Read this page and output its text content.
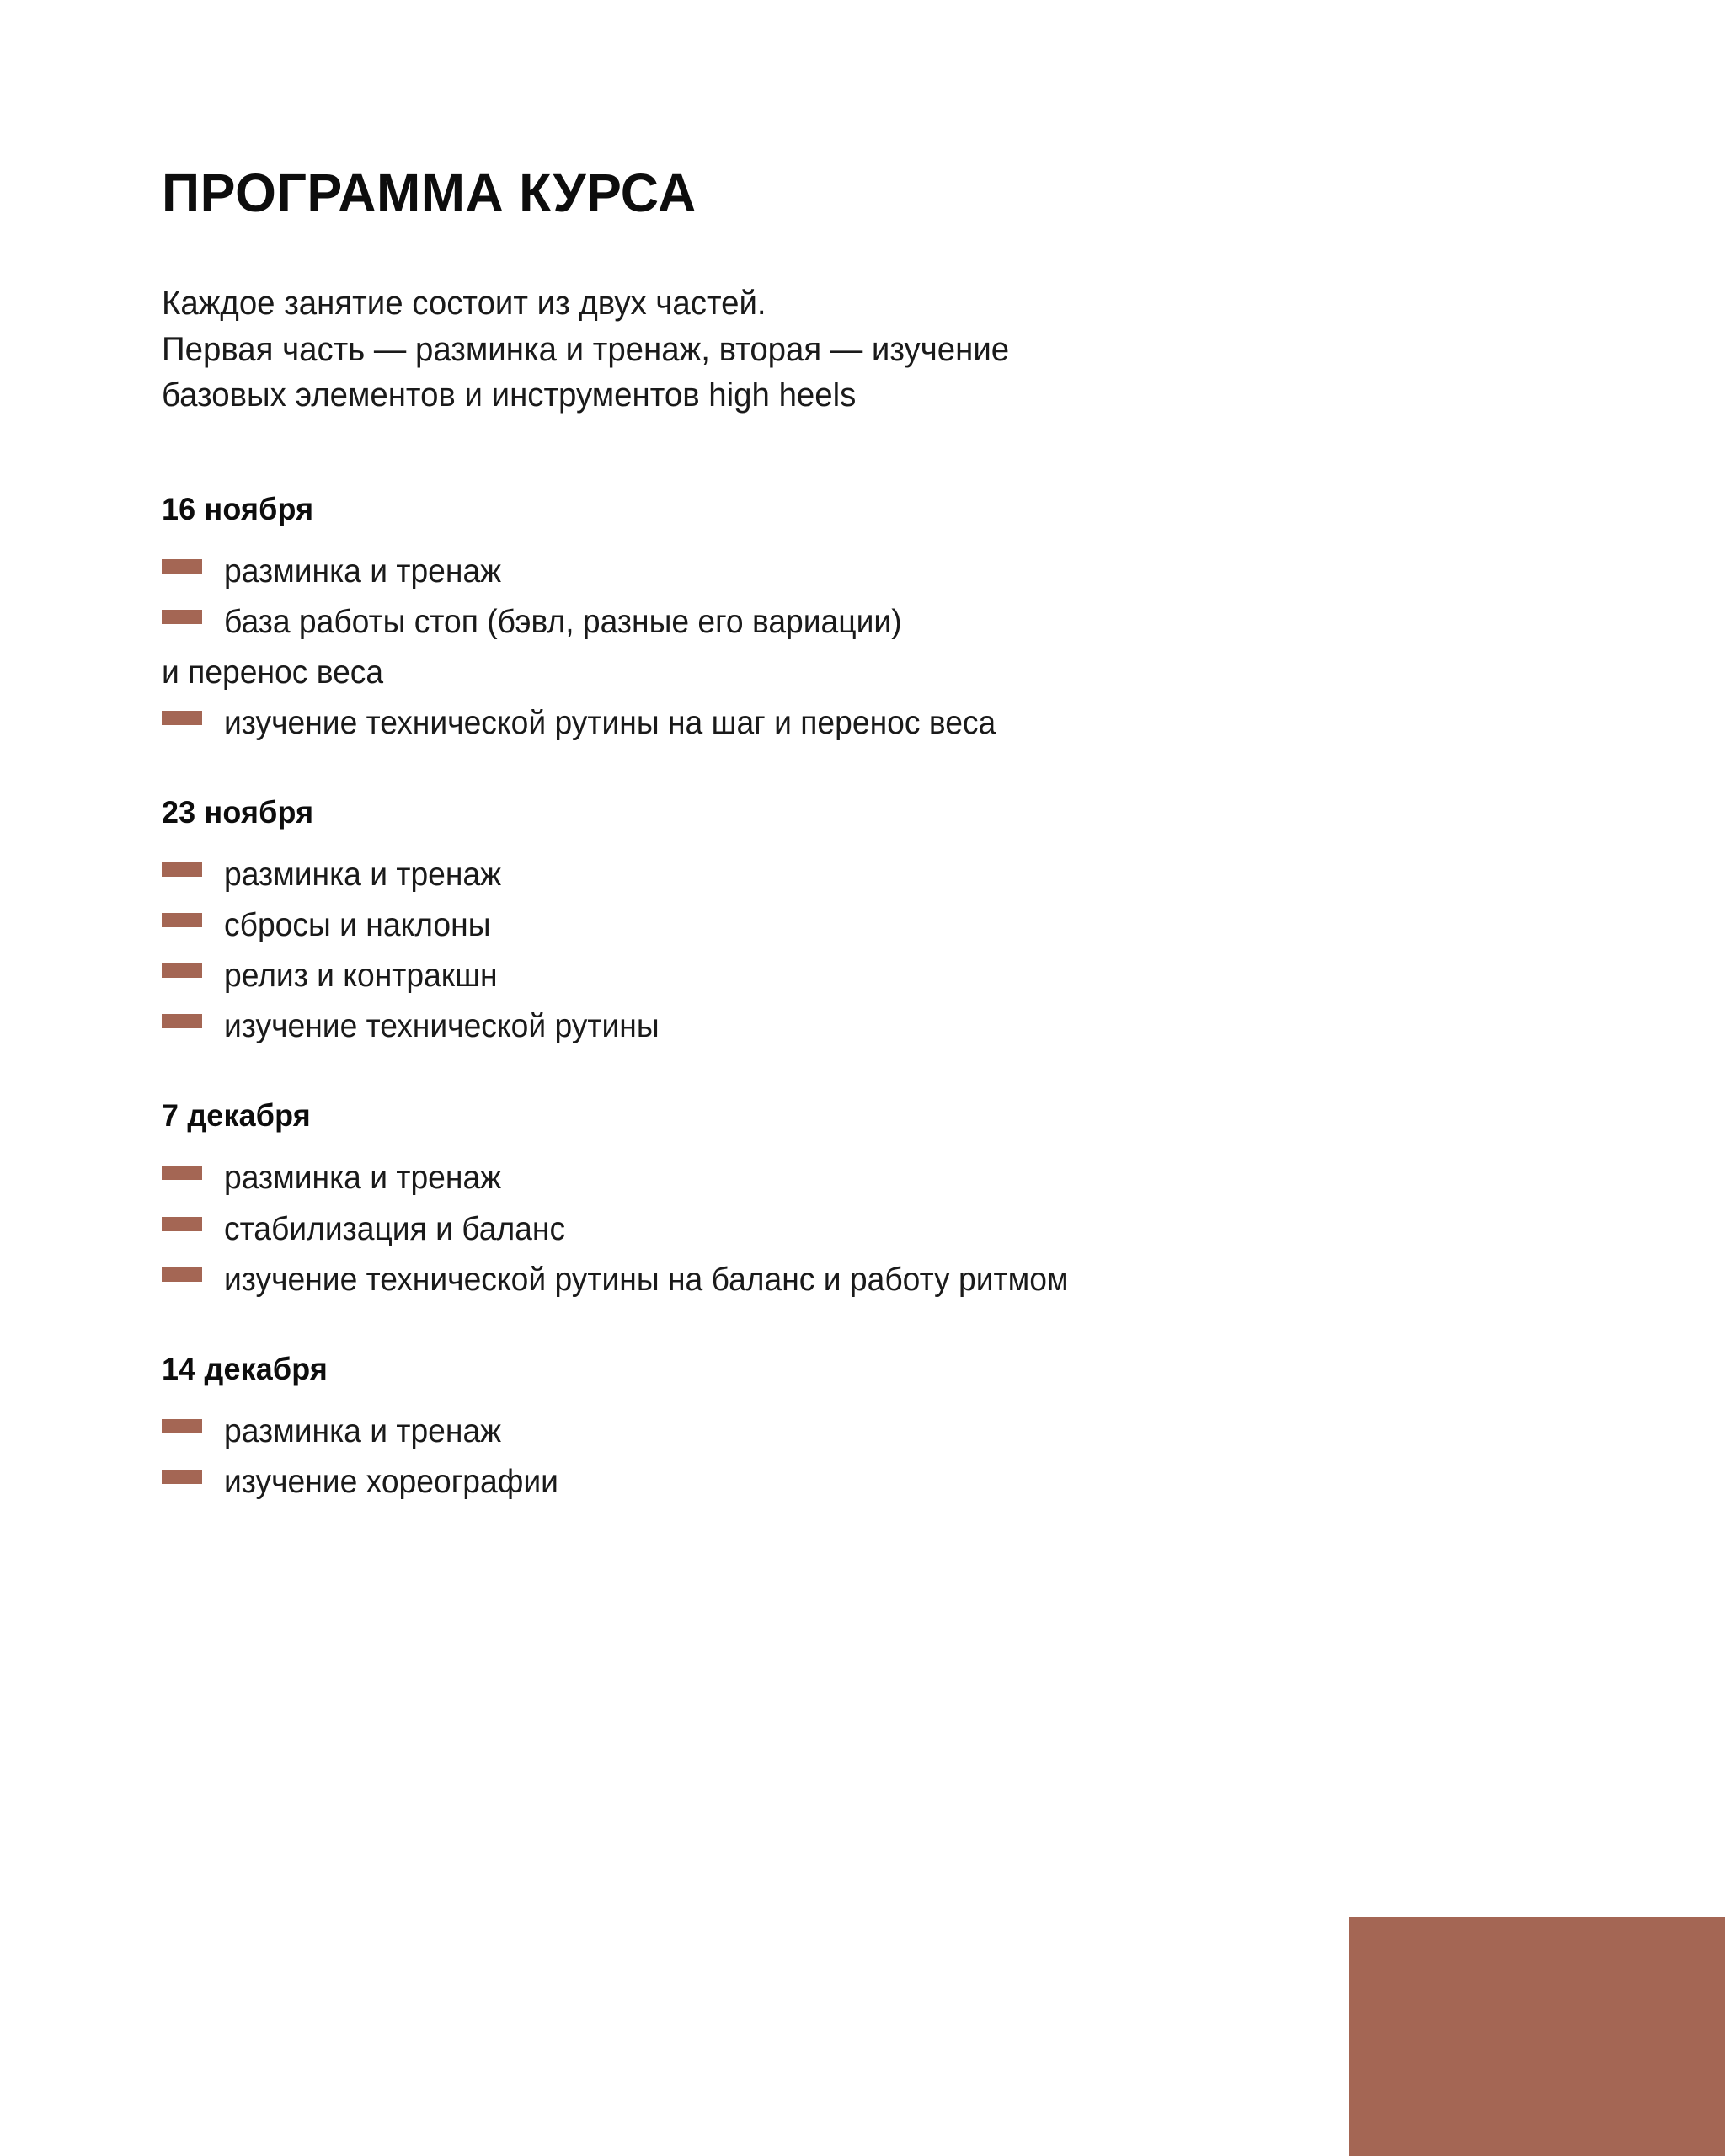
ПРОГРАММА КУРСА
Каждое занятие состоит из двух частей.
Первая часть — разминка и тренаж, вторая — изучение
базовых элементов и инструментов high heels
16 ноября
разминка и тренаж
база работы стоп (бэвл, разные его вариации)
и перенос веса
изучение технической рутины на шаг и перенос веса
23 ноября
разминка и тренаж
сбросы и наклоны
релиз и контракшн
изучение технической рутины
7 декабря
разминка и тренаж
стабилизация и баланс
изучение технической рутины на баланс и работу ритмом
14 декабря
разминка и тренаж
изучение хореографии
